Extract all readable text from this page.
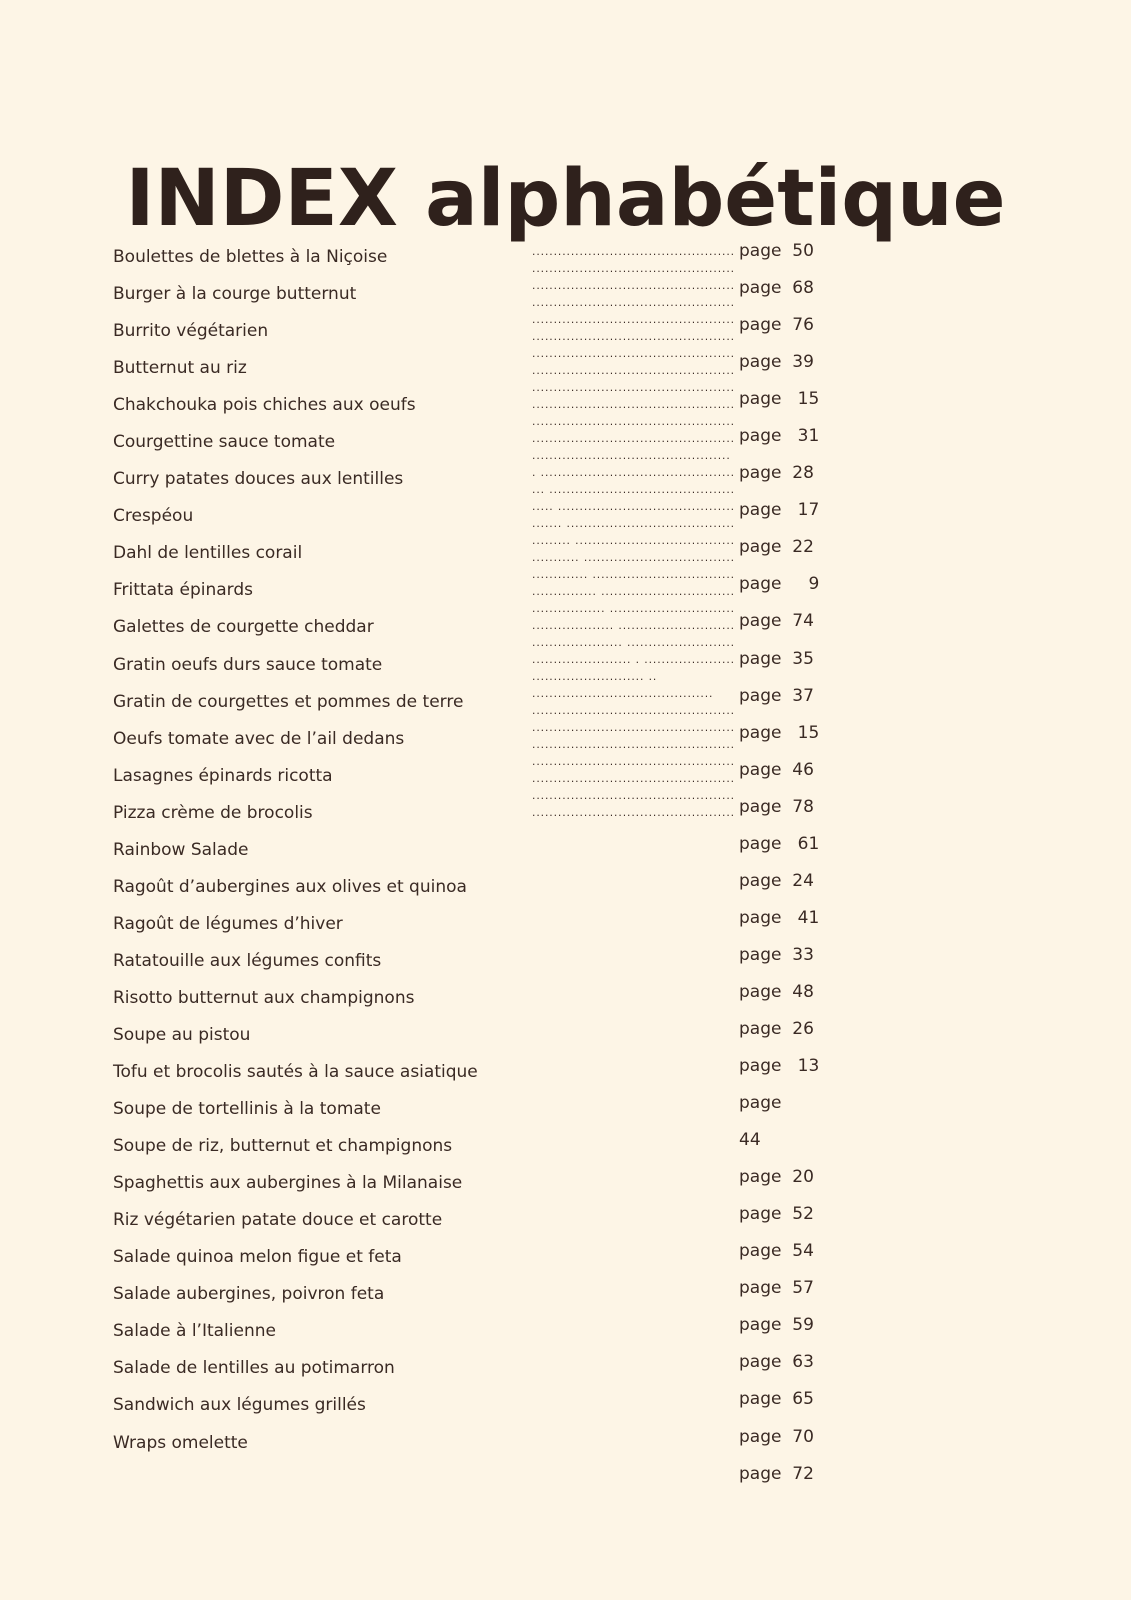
INDEX alphabétique
Boulettes de blettes à la Niçoise
Burger à la courge butternut
Burrito végétarien
Butternut au riz
Chakchouka pois chiches aux oeufs
Courgettine sauce tomate
Curry patates douces aux lentilles
Crespéou
Dahl de lentilles corail
Frittata épinards
Galettes de courgette cheddar
Gratin oeufs durs sauce tomate
Gratin de courgettes et pommes de terre
Oeufs tomate avec de l’ail dedans
Lasagnes épinards ricotta
Pizza crème de brocolis
Rainbow Salade
Ragoût d’aubergines aux olives et quinoa
Ragoût de légumes d’hiver
Ratatouille aux légumes confits
Risotto butternut aux champignons
Soupe au pistou
Tofu et brocolis sautés à la sauce asiatique
Soupe de tortellinis à la tomate
Soupe de riz, butternut et champignons
Spaghettis aux aubergines à la Milanaise
Riz végétarien patate douce et carotte
Salade quinoa melon figue et feta
Salade aubergines, poivron feta
Salade à l’Italienne
Salade de lentilles au potimarron
Sandwich aux légumes grillés
Wraps omelette
...............................................
...............................................
...............................................
...............................................
...............................................
...............................................
...............................................
...............................................
...............................................
...............................................
...............................................
...............................................
..............................................
. .............................................
... ...........................................
..... .........................................
....... .......................................
......... .....................................
........... ...................................
............. .................................
............... ...............................
................. .............................
................... ...........................
..................... .........................
....................... . .....................
.......................... ..
..........................................
...............................................
...............................................
...............................................
...............................................
...............................................
...............................................
...............................................
page  50
page  68
page  76
page  39
page   15
page   31
page  28
page   17
page  22
page     9
page  74
page  35
page  37
page   15
page  46
page  78
page   61
page  24
page   41
page  33
page  48
page  26
page   13
page
44
page  20
page  52
page  54
page  57
page  59
page  63
page  65
page  70
page  72
